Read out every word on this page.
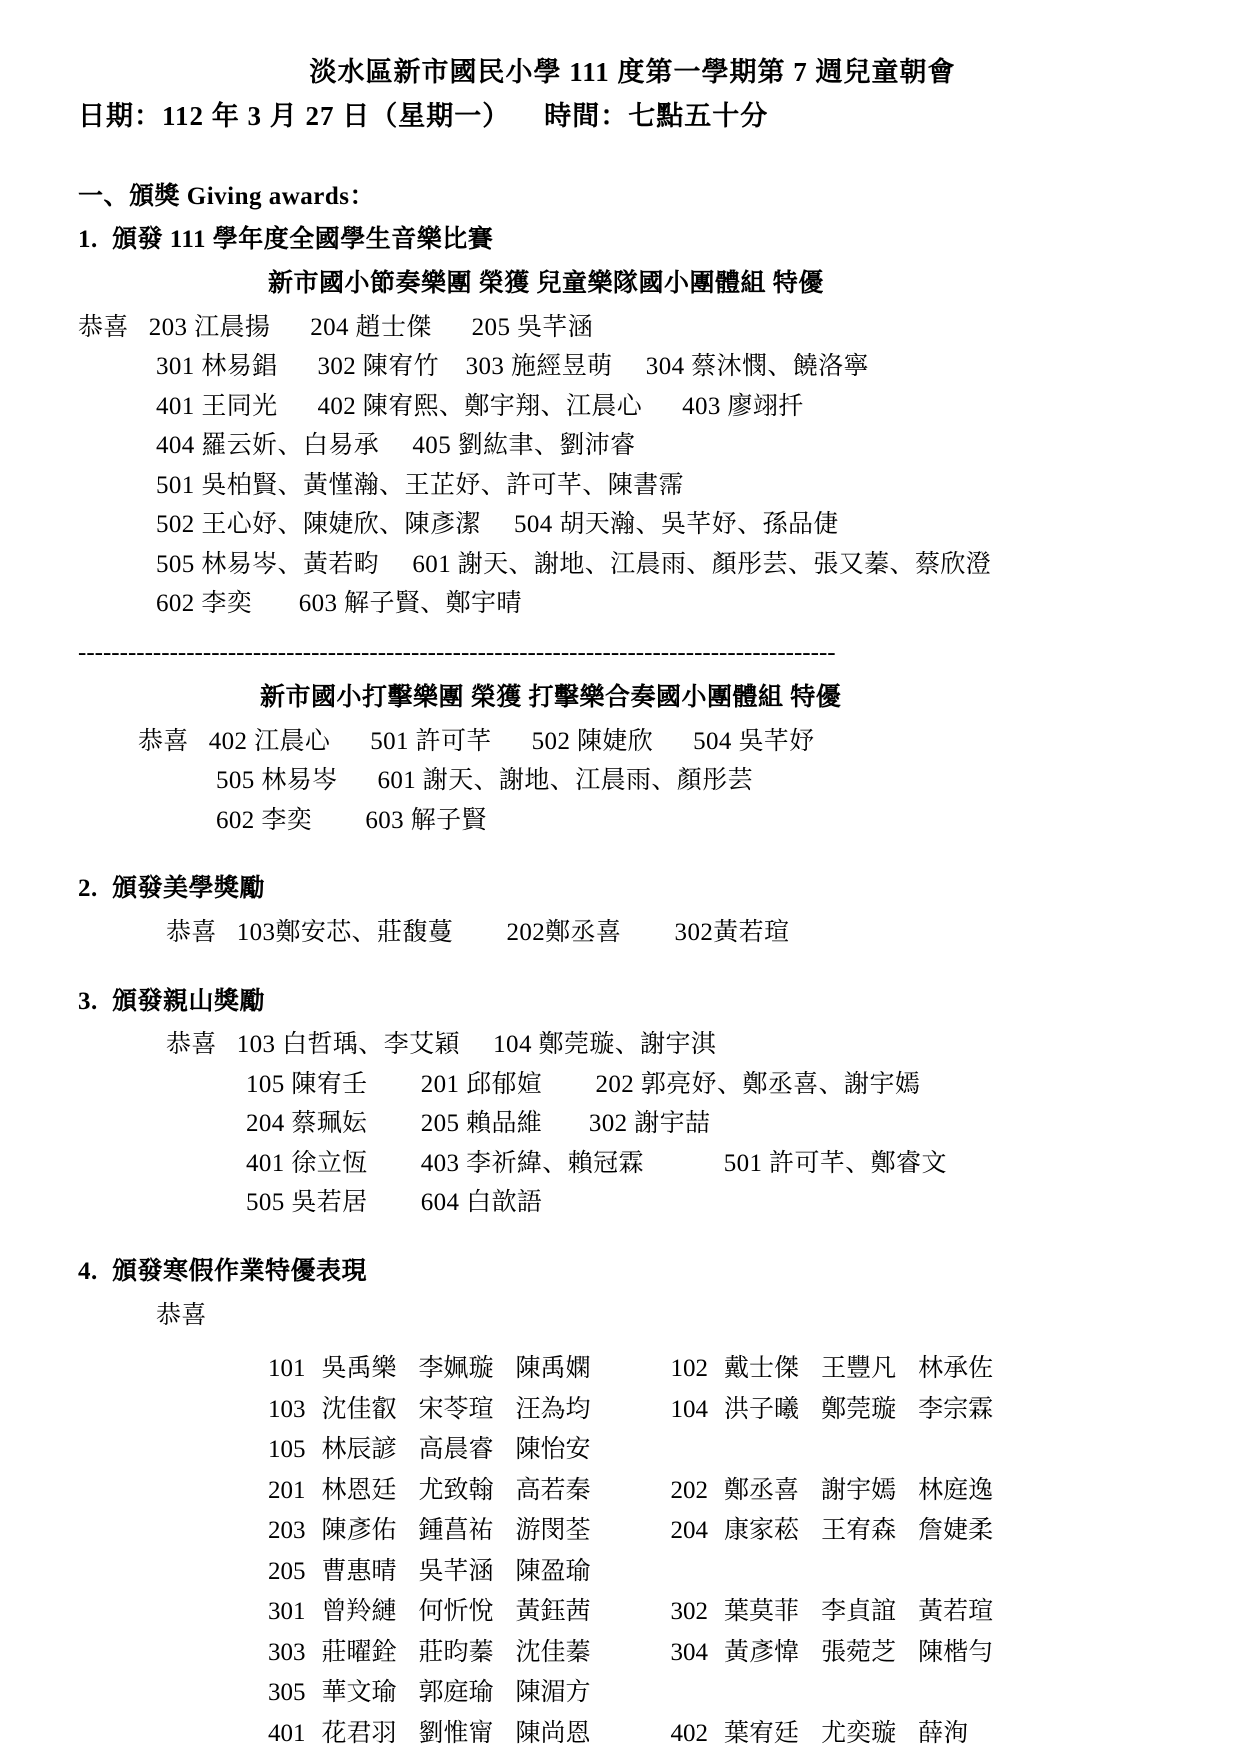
淡水區新市國民小學 111 度第一學期第 7 週兒童朝會
日期：112 年 3 月 27 日（星期一） 時間：七點五十分
一、頒獎 Giving awards：
1. 頒發 111 學年度全國學生音樂比賽
新市國小節奏樂團 榮獲 兒童樂隊國小團體組 特優
恭喜   203 江晨揚      204 趙士傑      205 吳芊涵
301 林易錩      302 陳宥竹    303 施經昱萌     304 蔡沐憫、饒洛寧
401 王同光      402 陳宥熙、鄭宇翔、江晨心      403 廖翊扦
404 羅云妡、白易承     405 劉紘聿、劉沛睿
501 吳柏賢、黃慬瀚、王芷妤、許可芊、陳書霈
502 王心妤、陳婕欣、陳彥潔     504 胡天瀚、吳芊妤、孫品倢
505 林易岑、黃若畇     601 謝天、謝地、江晨雨、顏彤芸、張又蓁、蔡欣澄
602 李奕       603 解子賢、鄭宇晴
-------------------------------------------------------------------------------------------
新市國小打擊樂團 榮獲 打擊樂合奏國小團體組 特優
恭喜   402 江晨心      501 許可芊      502 陳婕欣      504 吳芊妤
505 林易岑      601 謝天、謝地、江晨雨、顏彤芸
602 李奕        603 解子賢
2. 頒發美學獎勵
恭喜   103鄭安芯、莊馥蔓        202鄭丞喜        302黃若瑄
3. 頒發親山獎勵
恭喜   103 白哲瑀、李艾穎     104 鄭莞璇、謝宇淇
105 陳宥壬        201 邱郁媗        202 郭亮妤、鄭丞喜、謝宇嫣
204 蔡珮妘        205 賴品維       302 謝宇喆
401 徐立恆        403 李祈緯、賴冠霖            501 許可芊、鄭睿文
505 吳若居        604 白歆語
4. 頒發寒假作業特優表現
恭喜
101	吳禹樂	李姵璇	陳禹嫻		102	戴士傑	王豐凡	林承佐
103	沈佳叡	宋苓瑄	汪為均		104	洪子曦	鄭莞璇	李宗霖
105	林辰諺	高晨睿	陳怡安					
201	林恩廷	尤致翰	高若秦		202	鄭丞喜	謝宇嫣	林庭逸
203	陳彥佑	鍾菖祐	游閔荃		204	康家菘	王宥森	詹婕柔
205	曹惠晴	吳芊涵	陳盈瑜					
301	曾羚縺	何忻悅	黃鈺茜		302	葉莫菲	李貞誼	黃若瑄
303	莊曜銓	莊昀蓁	沈佳蓁		304	黃彥愇	張菀芝	陳楷勻
305	華文瑜	郭庭瑜	陳湄方					
401	花君羽	劉惟甯	陳尚恩		402	葉宥廷	尤奕璇	薛洵
